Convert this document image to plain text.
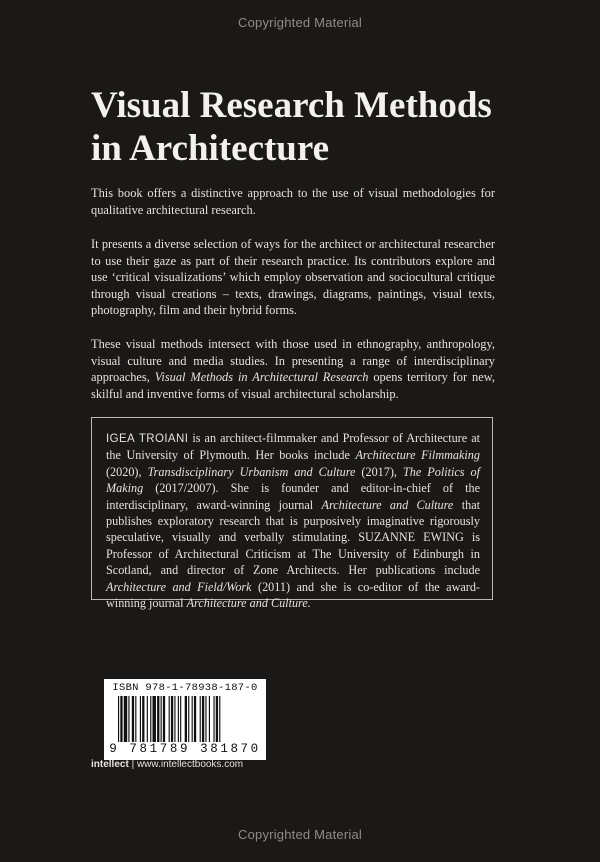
Copyrighted Material
Visual Research Methods in Architecture

This book offers a distinctive approach to the use of visual methodologies for qualitative architectural research.

It presents a diverse selection of ways for the architect or architectural researcher to use their gaze as part of their research practice. Its contributors explore and use ‘critical visualizations’ which employ observation and sociocultural critique through visual creations – texts, drawings, diagrams, paintings, visual texts, photography, film and their hybrid forms.

These visual methods intersect with those used in ethnography, anthropology, visual culture and media studies. In presenting a range of interdisciplinary approaches, Visual Methods in Architectural Research opens territory for new, skilful and inventive forms of visual architectural scholarship.

IGEA TROIANI is an architect-filmmaker and Professor of Architecture at the University of Plymouth. Her books include Architecture Filmmaking (2020), Transdisciplinary Urbanism and Culture (2017), The Politics of Making (2017/2007). She is founder and editor-in-chief of the interdisciplinary, award-winning journal Architecture and Culture that publishes exploratory research that is purposively imaginative rigorously speculative, visually and verbally stimulating. SUZANNE EWING is Professor of Architectural Criticism at The University of Edinburgh in Scotland, and director of Zone Architects. Her publications include Architecture and Field/Work (2011) and she is co-editor of the award-winning journal Architecture and Culture.

ISBN 978-1-78938-187-0
9 781789 381870
intellect | www.intellectbooks.com
Copyrighted Material
